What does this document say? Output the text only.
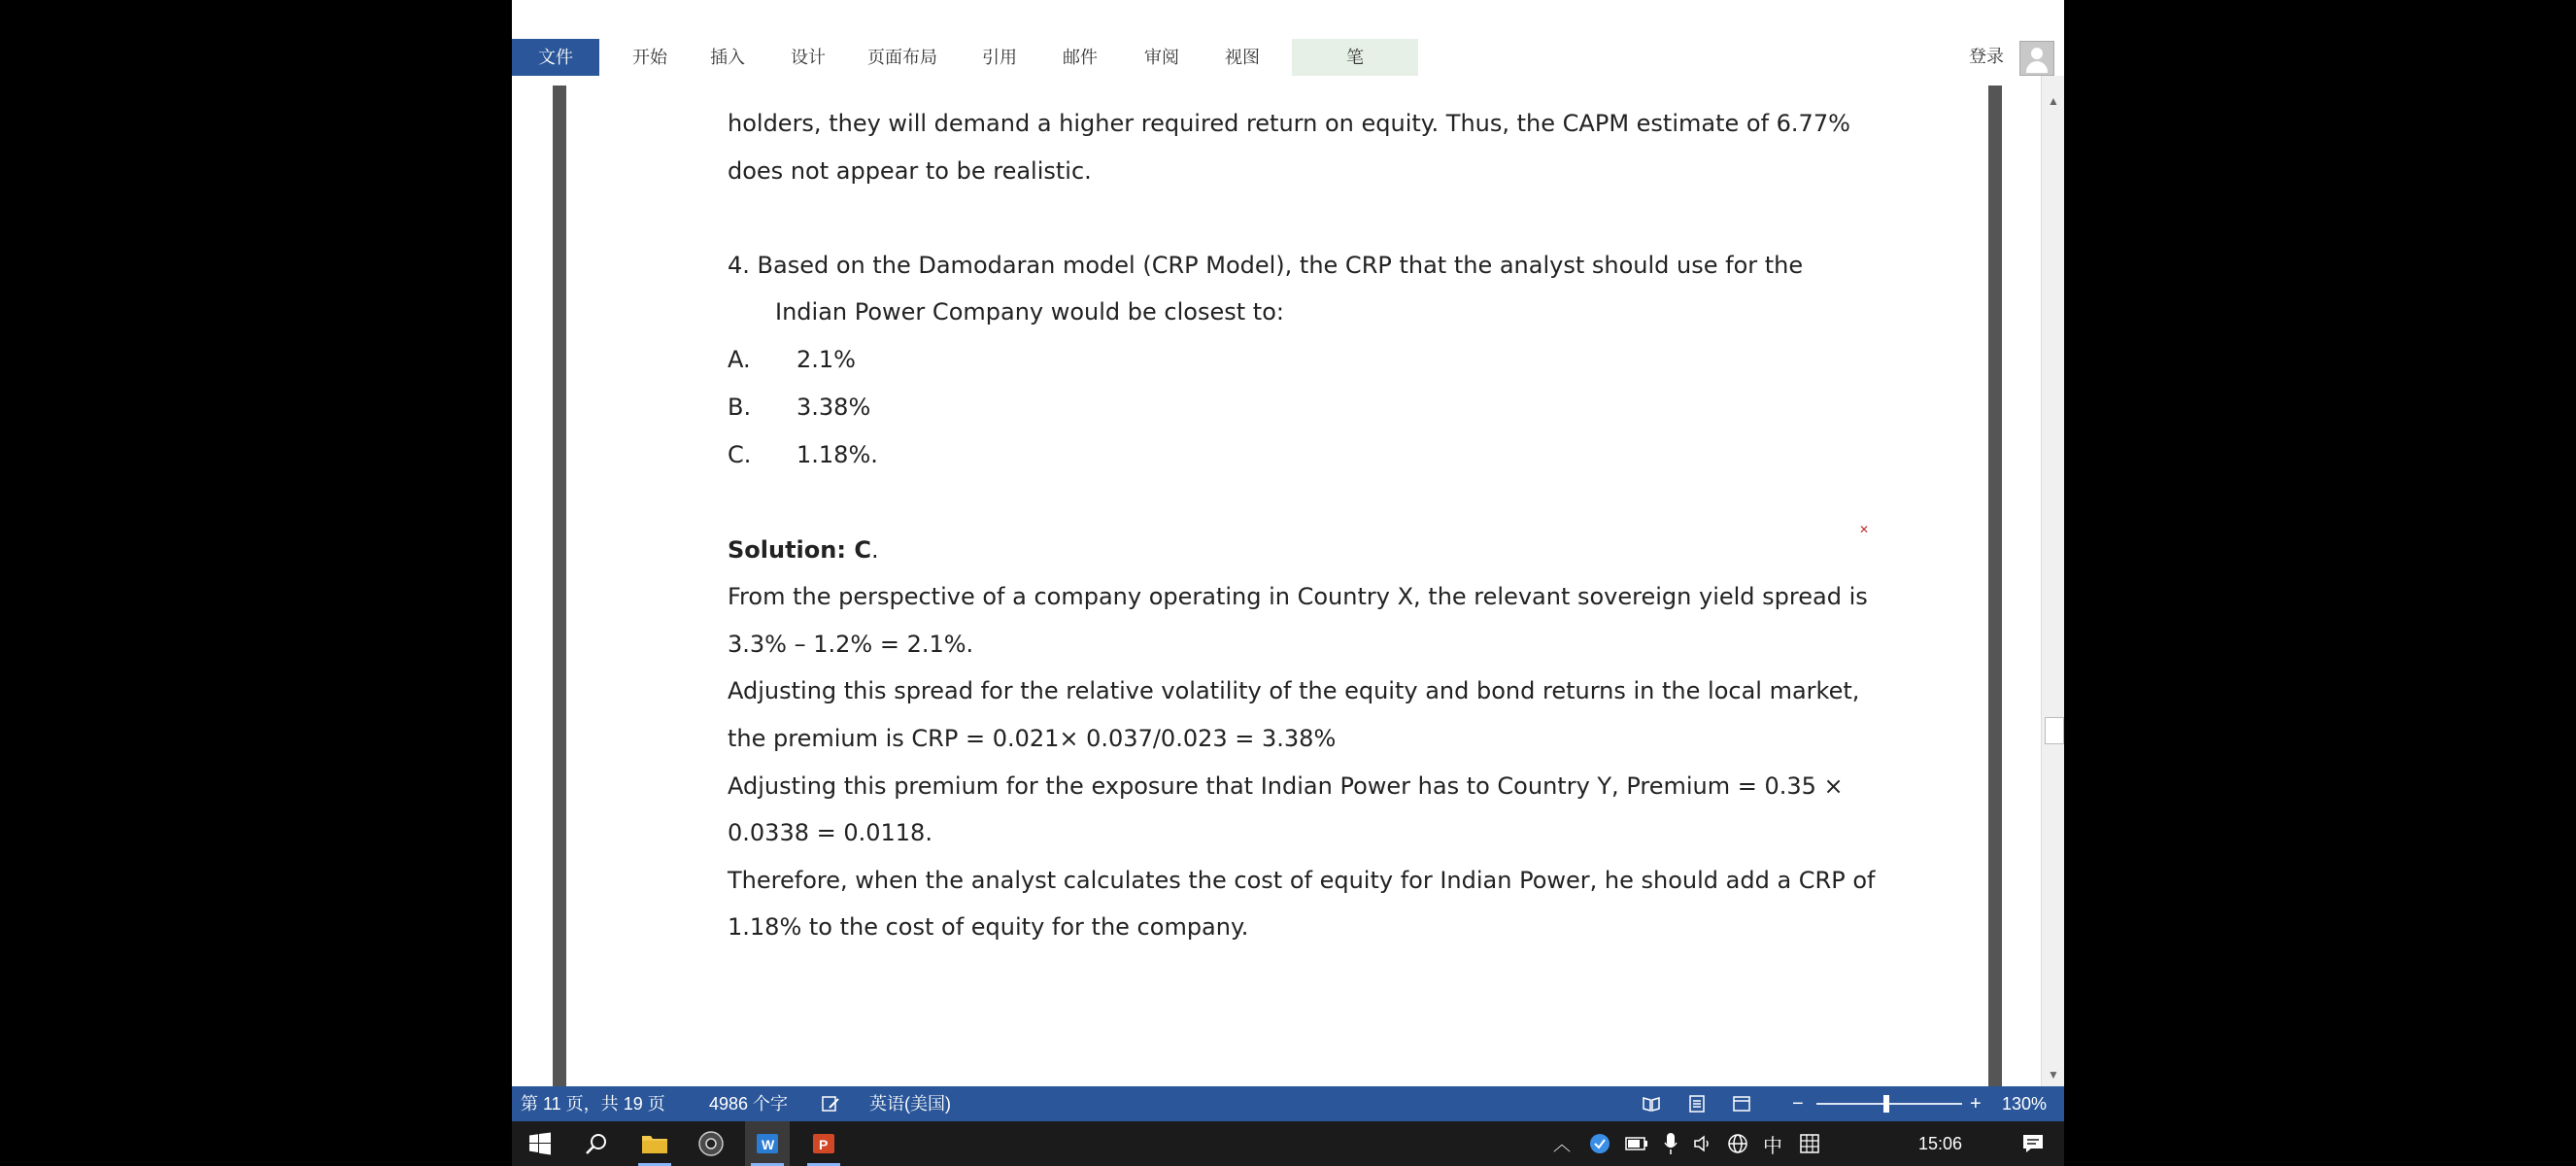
文件	开始	插入	设计	页面布局	引用	邮件	审阅	视图	笔	登录
holders, they will demand a higher required return on equity. Thus, the CAPM estimate of 6.77%
does not appear to be realistic.
4. Based on the Damodaran model (CRP Model), the CRP that the analyst should use for the
Indian Power Company would be closest to:
A. 2.1%
B. 3.38%
C. 1.18%.
Solution: C.
From the perspective of a company operating in Country X, the relevant sovereign yield spread is
3.3% – 1.2% = 2.1%.
Adjusting this spread for the relative volatility of the equity and bond returns in the local market,
the premium is CRP = 0.021× 0.037/0.023 = 3.38%
Adjusting this premium for the exposure that Indian Power has to Country Y, Premium = 0.35 ×
0.0338 = 0.0118.
Therefore, when the analyst calculates the cost of equity for Indian Power, he should add a CRP of
1.18% to the cost of equity for the company.
✕
▲
▼
第 11 页，共 19 页	4986 个字	英语(美国)	−	+ 130%
W	P	︿	中	15:06
